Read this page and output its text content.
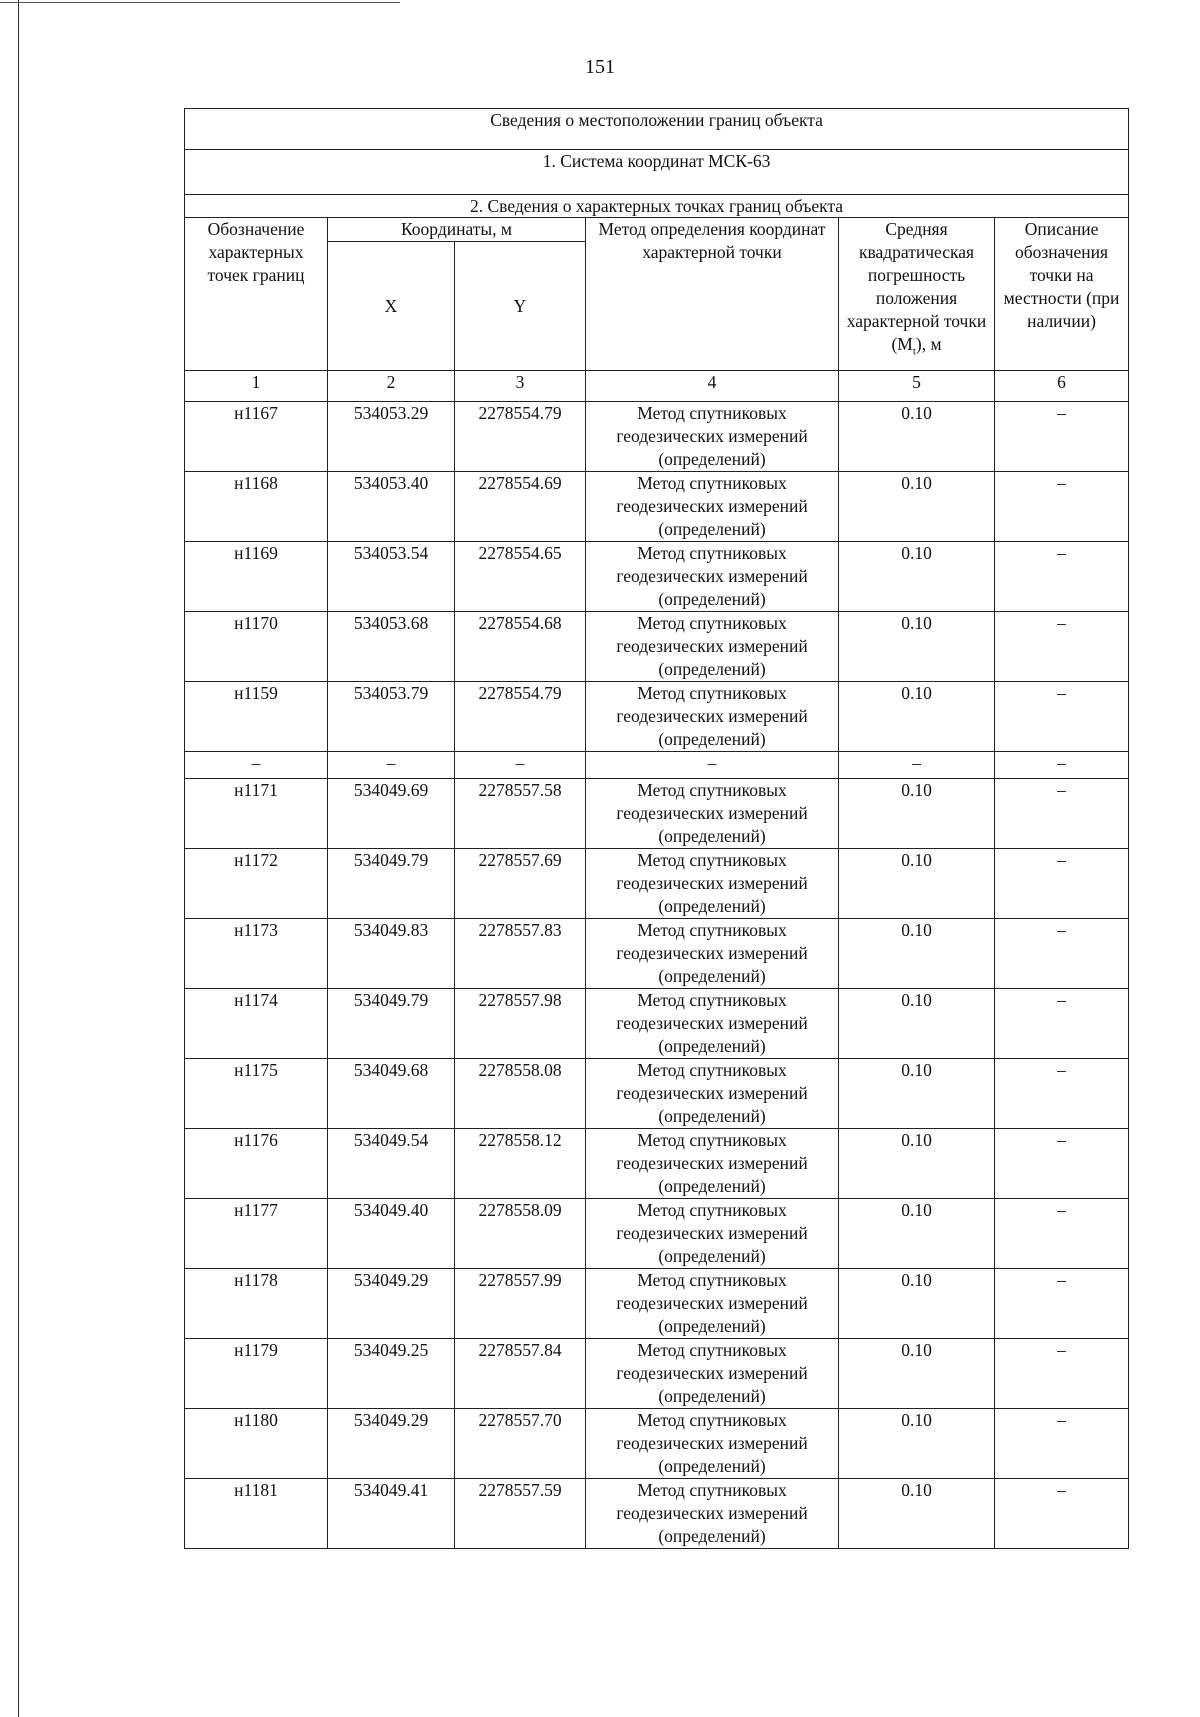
151
Сведения о местоположении границ объекта					
1. Система координат МСК-63					
2. Сведения о характерных точках границ объекта					
Обозначение характерных точек границ	Координаты, м		Метод определения координат характерной точки	Средняя квадратическая погрешность положения характерной точки $(M_t)$, м	Описание обозначения точки на местности (при наличии)
	X	Y			
1	2	3	4	5	6
н1167	534053.29	2278554.79	Метод спутниковых геодезических измерений (определений)	0.10	–
н1168	534053.40	2278554.69	Метод спутниковых геодезических измерений (определений)	0.10	–
н1169	534053.54	2278554.65	Метод спутниковых геодезических измерений (определений)	0.10	–
н1170	534053.68	2278554.68	Метод спутниковых геодезических измерений (определений)	0.10	–
н1159	534053.79	2278554.79	Метод спутниковых геодезических измерений (определений)	0.10	–
–	–	–	–	–	–
н1171	534049.69	2278557.58	Метод спутниковых геодезических измерений (определений)	0.10	–
н1172	534049.79	2278557.69	Метод спутниковых геодезических измерений (определений)	0.10	–
н1173	534049.83	2278557.83	Метод спутниковых геодезических измерений (определений)	0.10	–
н1174	534049.79	2278557.98	Метод спутниковых геодезических измерений (определений)	0.10	–
н1175	534049.68	2278558.08	Метод спутниковых геодезических измерений (определений)	0.10	–
н1176	534049.54	2278558.12	Метод спутниковых геодезических измерений (определений)	0.10	–
н1177	534049.40	2278558.09	Метод спутниковых геодезических измерений (определений)	0.10	–
н1178	534049.29	2278557.99	Метод спутниковых геодезических измерений (определений)	0.10	–
н1179	534049.25	2278557.84	Метод спутниковых геодезических измерений (определений)	0.10	–
н1180	534049.29	2278557.70	Метод спутниковых геодезических измерений (определений)	0.10	–
н1181	534049.41	2278557.59	Метод спутниковых геодезических измерений (определений)	0.10	–
